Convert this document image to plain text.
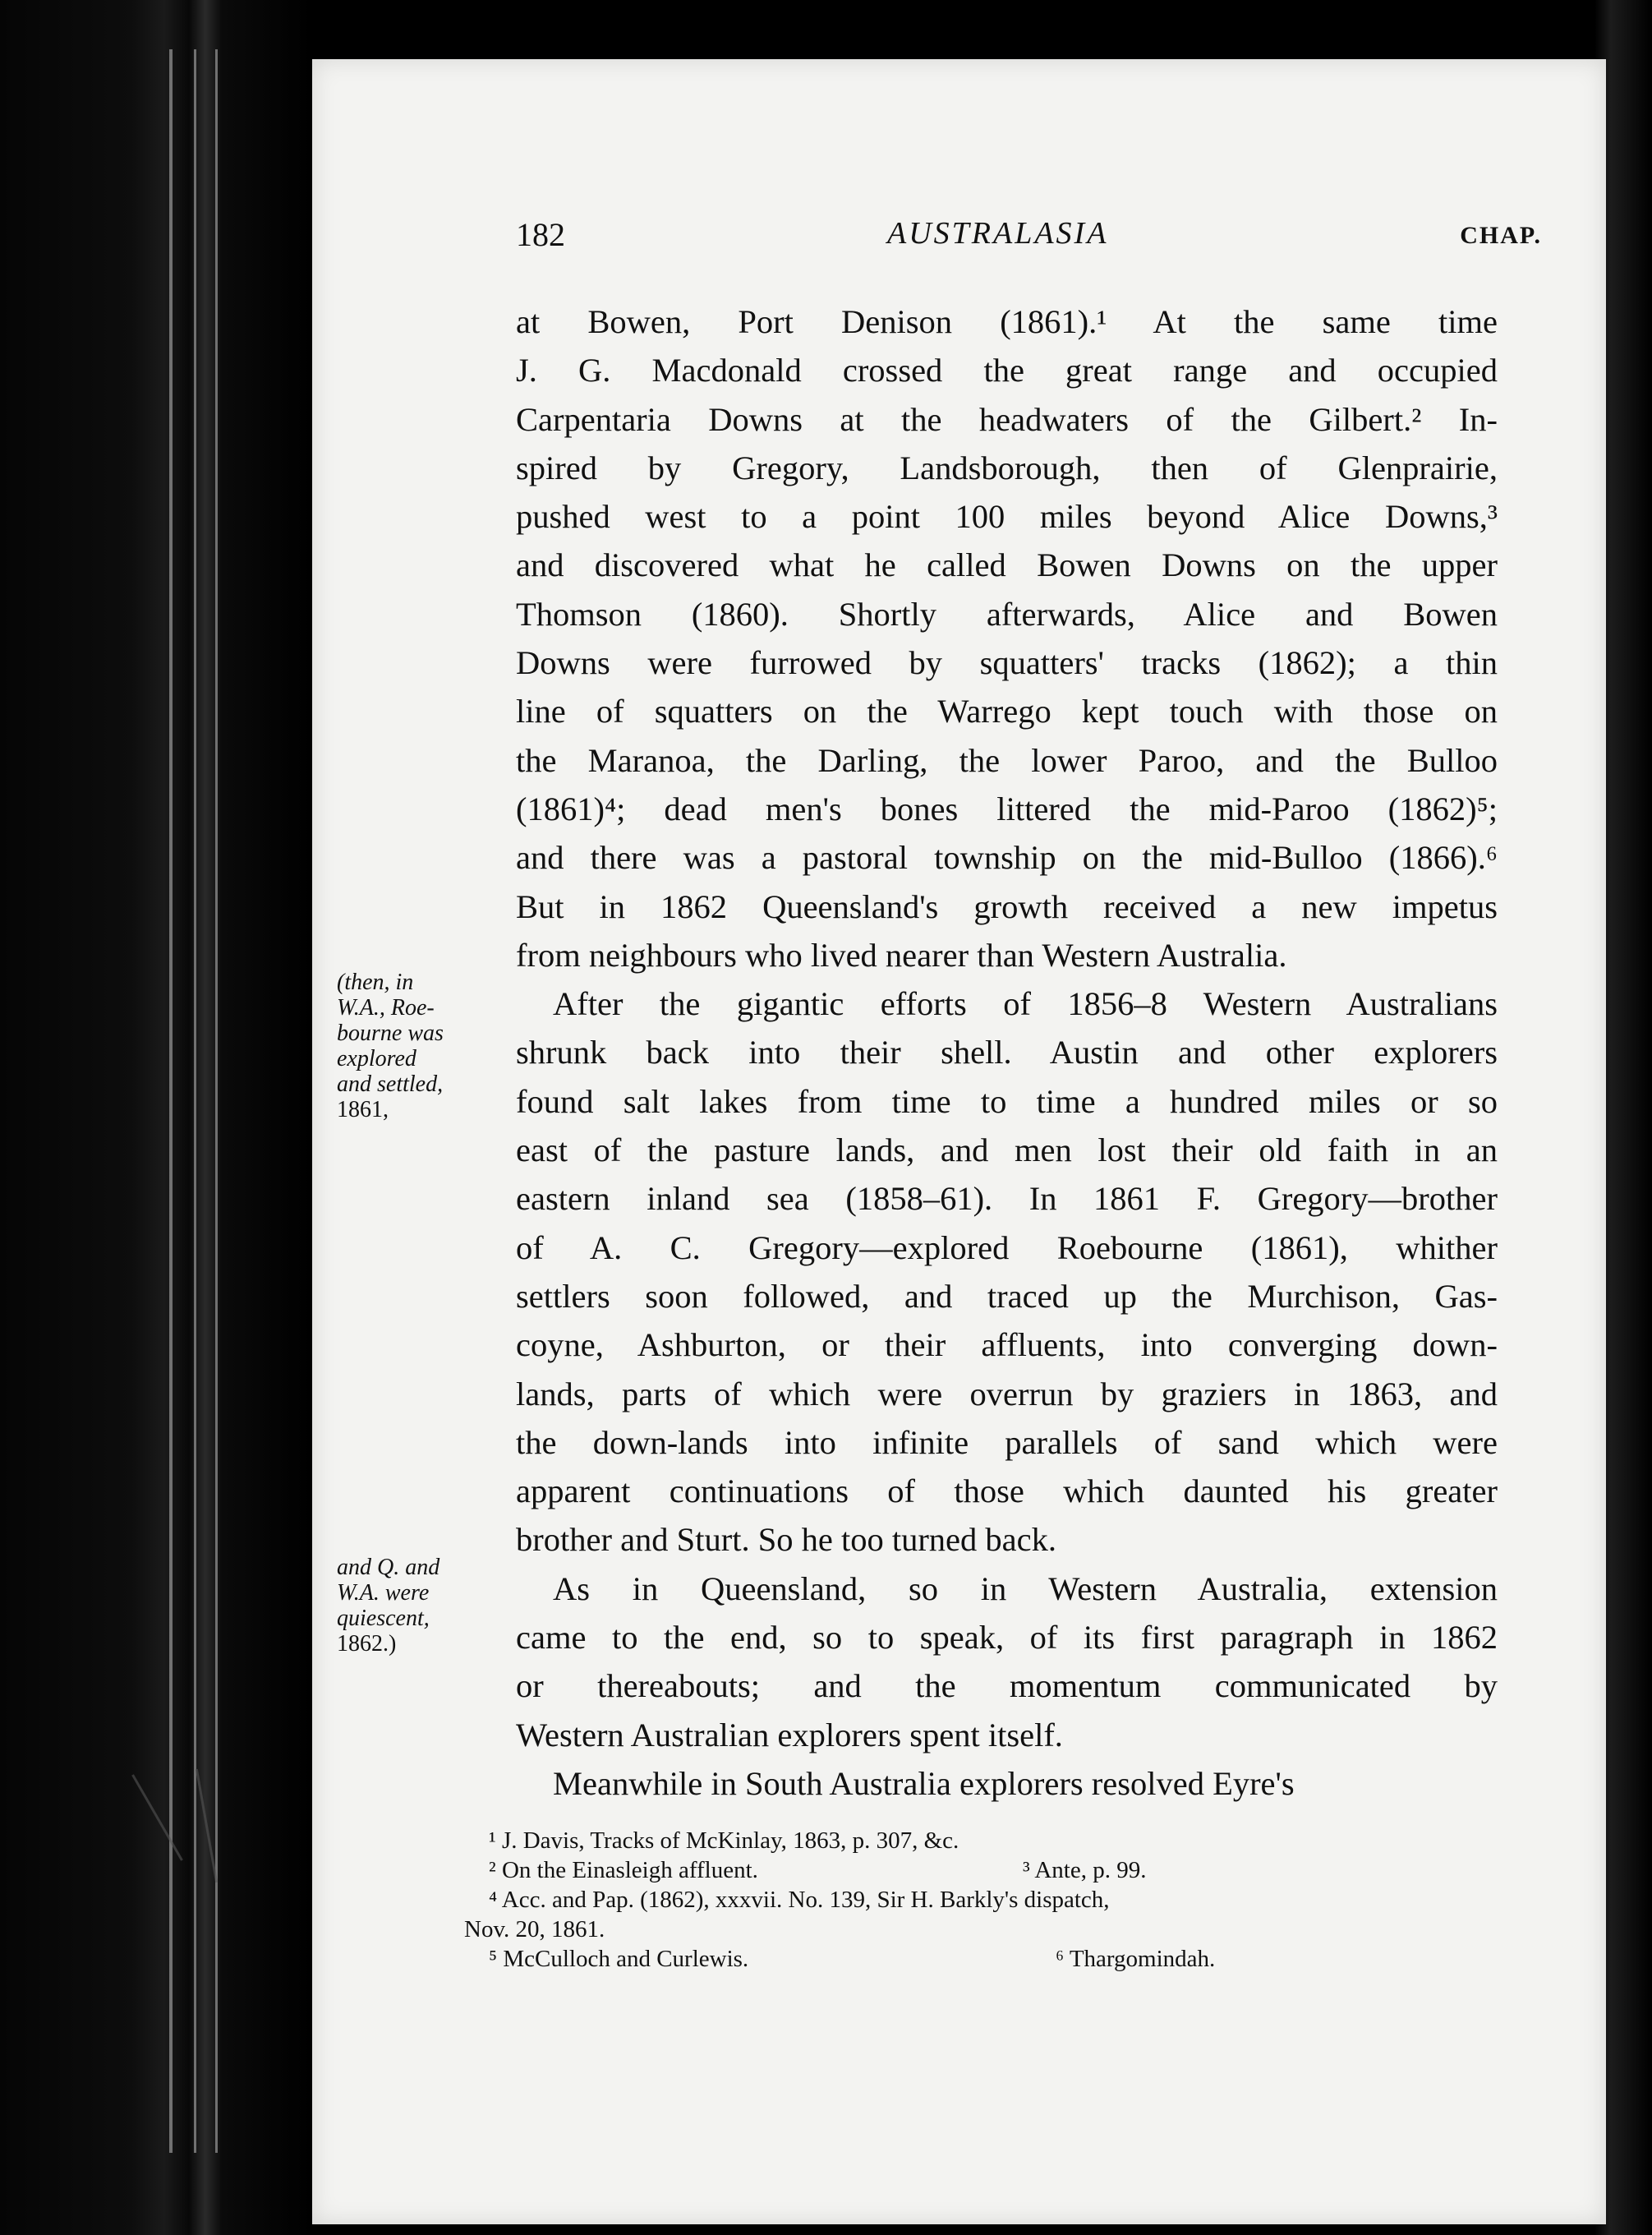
182	AUSTRALASIA	CHAP.
at Bowen, Port Denison (1861).¹ At the same time
J. G. Macdonald crossed the great range and occupied
Carpentaria Downs at the headwaters of the Gilbert.² In-
spired by Gregory, Landsborough, then of Glenprairie,
pushed west to a point 100 miles beyond Alice Downs,³
and discovered what he called Bowen Downs on the upper
Thomson (1860). Shortly afterwards, Alice and Bowen
Downs were furrowed by squatters' tracks (1862); a thin
line of squatters on the Warrego kept touch with those on
the Maranoa, the Darling, the lower Paroo, and the Bulloo
(1861)⁴; dead men's bones littered the mid-Paroo (1862)⁵;
and there was a pastoral township on the mid-Bulloo (1866).⁶
But in 1862 Queensland's growth received a new impetus
from neighbours who lived nearer than Western Australia.
After the gigantic efforts of 1856–8 Western Australians
shrunk back into their shell. Austin and other explorers
found salt lakes from time to time a hundred miles or so
east of the pasture lands, and men lost their old faith in an
eastern inland sea (1858–61). In 1861 F. Gregory—brother
of A. C. Gregory—explored Roebourne (1861), whither
settlers soon followed, and traced up the Murchison, Gas-
coyne, Ashburton, or their affluents, into converging down-
lands, parts of which were overrun by graziers in 1863, and
the down-lands into infinite parallels of sand which were
apparent continuations of those which daunted his greater
brother and Sturt. So he too turned back.
As in Queensland, so in Western Australia, extension
came to the end, so to speak, of its first paragraph in 1862
or thereabouts; and the momentum communicated by
Western Australian explorers spent itself.
Meanwhile in South Australia explorers resolved Eyre's
(then, in
W.A., Roe-
bourne was
explored
and settled,
1861,
and Q. and
W.A. were
quiescent,
1862.)
¹ J. Davis, Tracks of McKinlay, 1863, p. 307, &c.
² On the Einasleigh affluent.	³ Ante, p. 99.
⁴ Acc. and Pap. (1862), xxxvii. No. 139, Sir H. Barkly's dispatch,
Nov. 20, 1861.
⁵ McCulloch and Curlewis.	⁶ Thargomindah.
